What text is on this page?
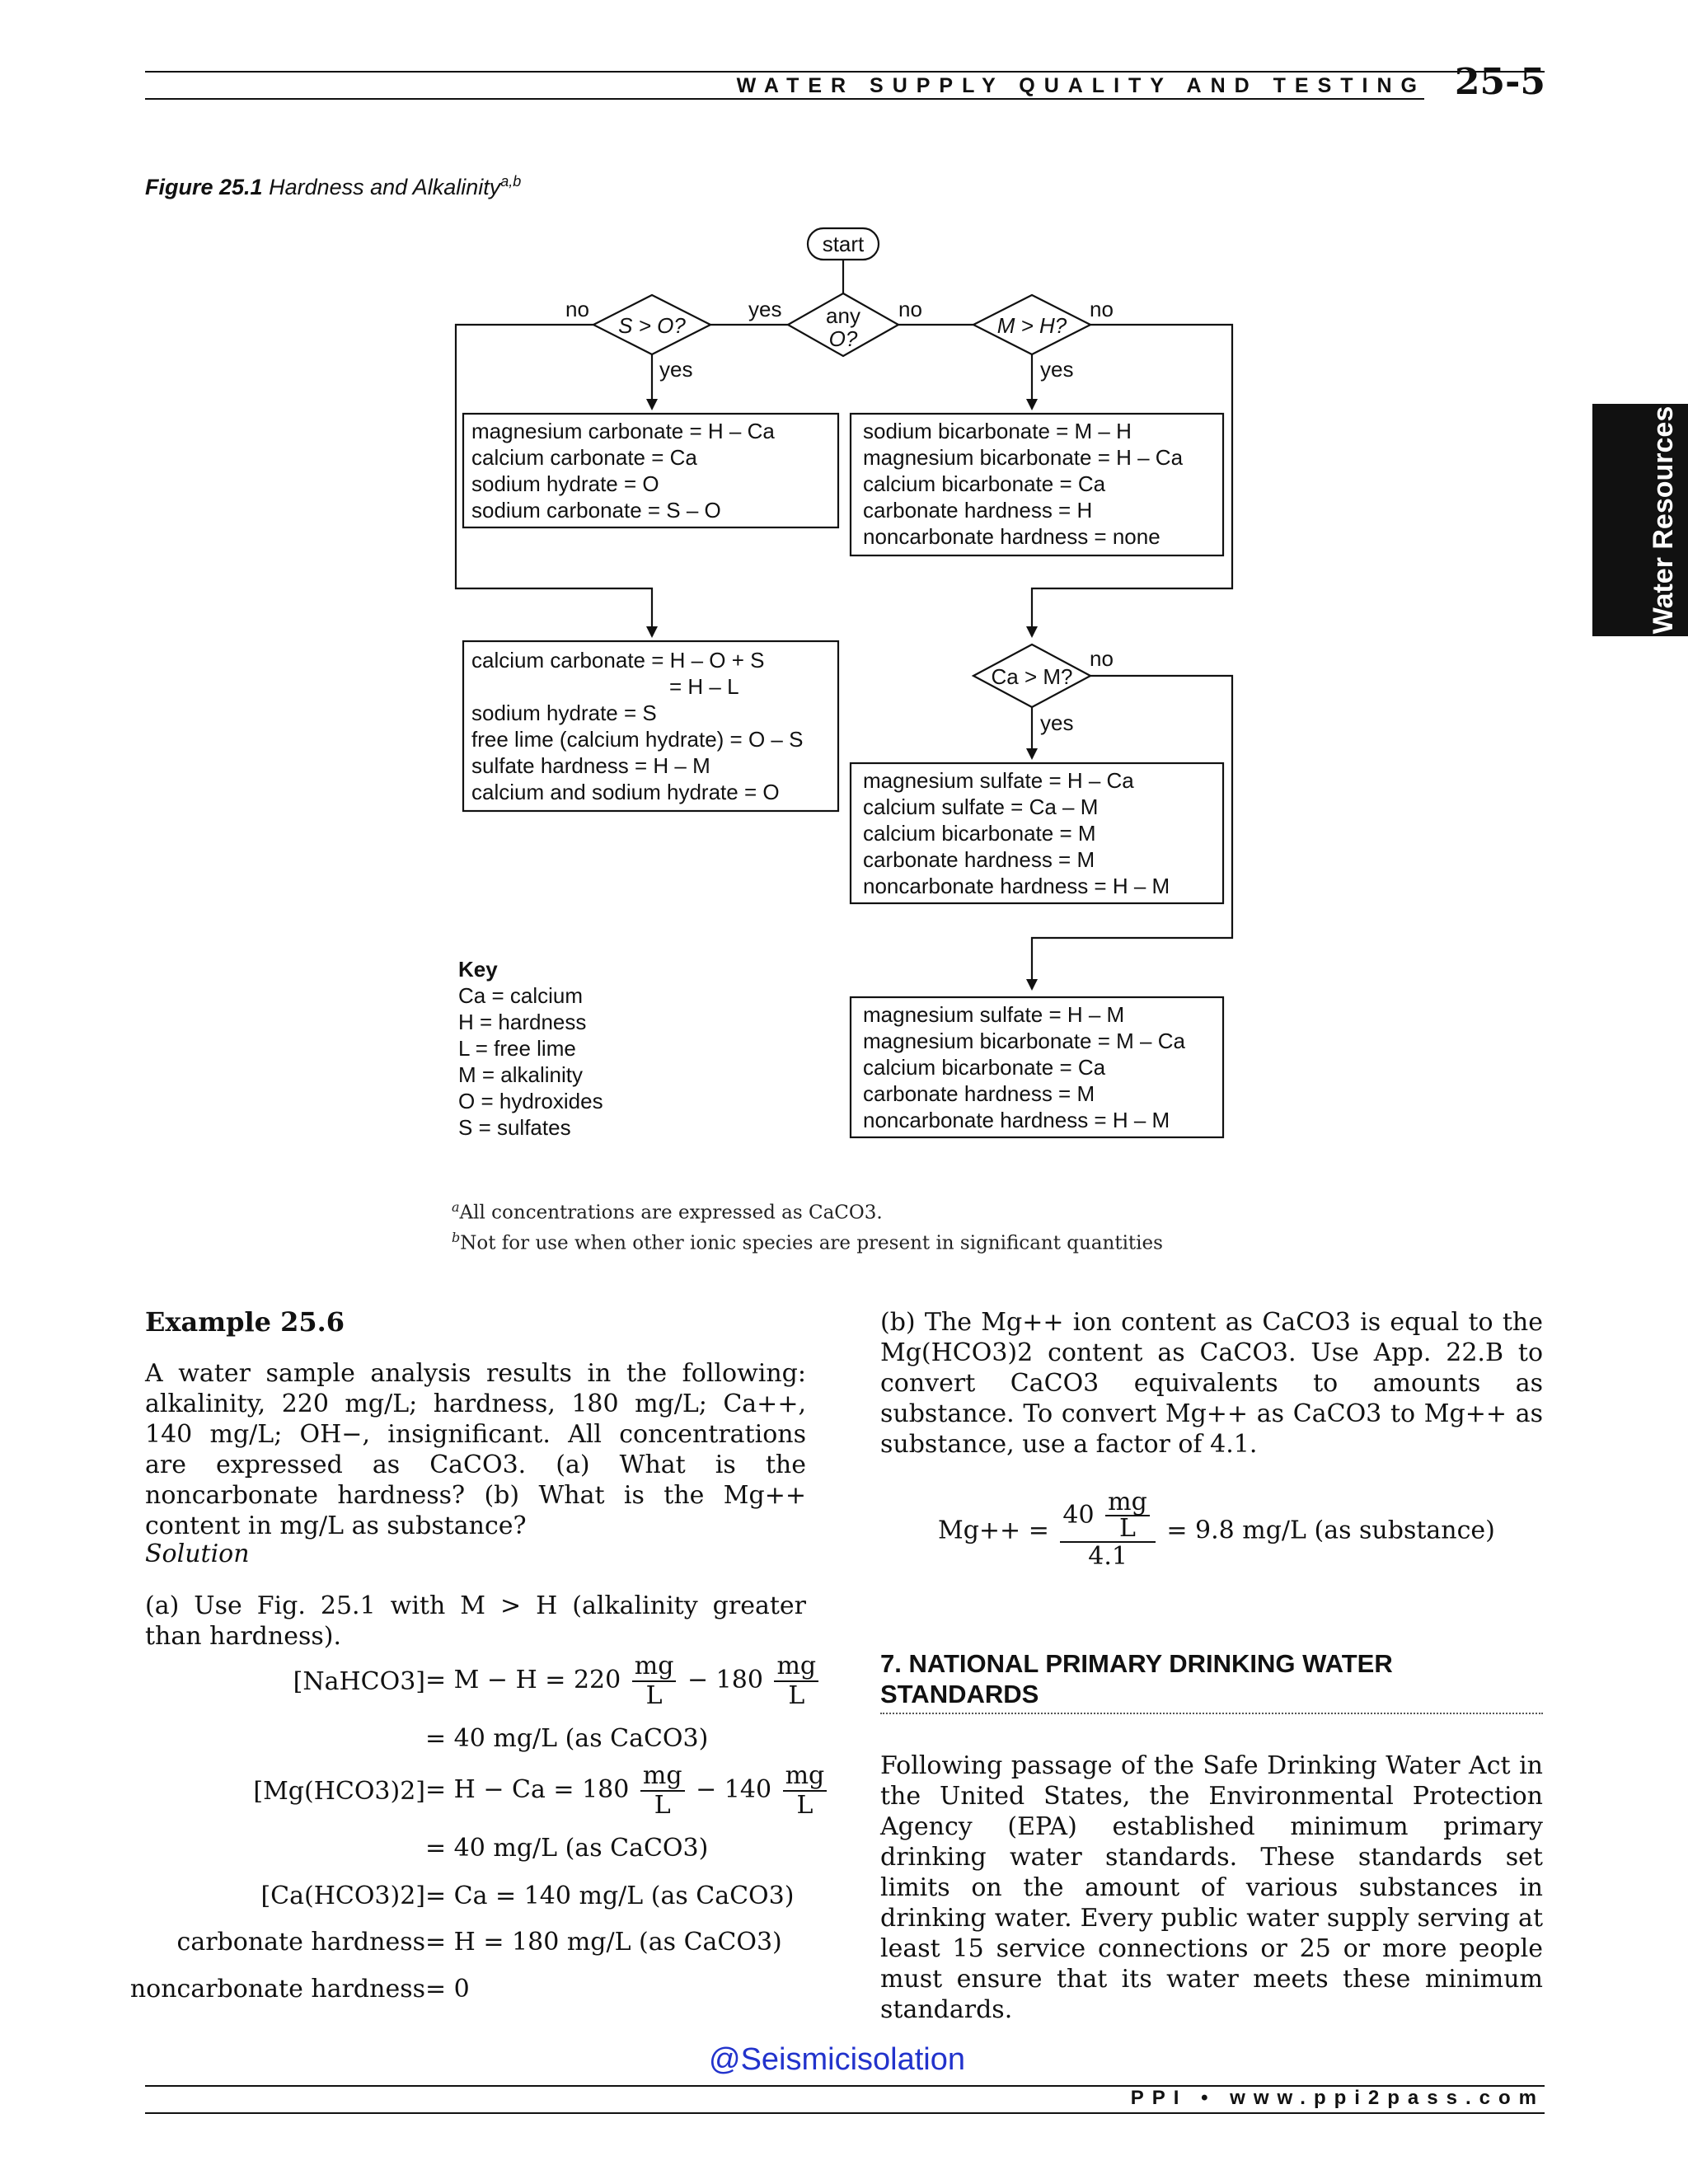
WATER SUPPLY QUALITY AND TESTING 25-5
Water Resources
Figure 25.1 Hardness and Alkalinity$^{a,b}$
start
any
O?
S > O?
yes
M > H?
no
no
yes	yes
no
magnesium carbonate = H – Ca
calcium carbonate = Ca
sodium hydrate = O
sodium carbonate = S – O
sodium bicarbonate = M – H
magnesium bicarbonate = H – Ca
calcium bicarbonate = Ca
carbonate hardness = H
noncarbonate hardness = none
calcium carbonate = H – O + S
= H – L
sodium hydrate = S
free lime (calcium hydrate) = O – S
sulfate hardness = H – M
calcium and sodium hydrate = O
Ca > M?
yes
no
magnesium sulfate = H – Ca
calcium sulfate = Ca – M
calcium bicarbonate = M
carbonate hardness = M
noncarbonate hardness = H – M
magnesium sulfate = H – M
magnesium bicarbonate = M – Ca
calcium bicarbonate = Ca
carbonate hardness = M
noncarbonate hardness = H – M
Key
Ca = calcium
H = hardness
L = free lime
M = alkalinity
O = hydroxides
S = sulfates
$^a$All concentrations are expressed as CaCO3.
$^b$Not for use when other ionic species are present in significant quantities
Example 25.6
A water sample analysis results in the following: alkalinity, 220 mg/L; hardness, 180 mg/L; Ca++, 140 mg/L; OH−, insignificant. All concentrations are expressed as CaCO3. (a) What is the noncarbonate hardness? (b) What is the Mg++ content in mg/L as substance?
Solution
(a) Use Fig. 25.1 with M > H (alkalinity greater than hardness).
[NaHCO3] = $M - H = 220 \frac{mg}{L} - 180 \frac{mg}{L}$
= 40 mg/L (as CaCO3)
$[Mg(HCO3)2] = H - Ca = 180 \frac{mg}{L} - 140 \frac{mg}{L}$
= 40 mg/L (as CaCO3)
[Ca(HCO3)2] = Ca = 140 mg/L (as CaCO3)
carbonate hardness = H = 180 mg/L (as CaCO3)
noncarbonate hardness = 0
(b) The Mg++ ion content as CaCO3 is equal to the Mg(HCO3)2 content as CaCO3. Use App. 22.B to convert CaCO3 equivalents to amounts as substance. To convert Mg++ as CaCO3 to Mg++ as substance, use a factor of 4.1.
$Mg++ = \frac{40 \frac{mg}{L}}{4.1} = 9.8$ mg/L (as substance)
7. NATIONAL PRIMARY DRINKING WATER STANDARDS
Following passage of the Safe Drinking Water Act in the United States, the Environmental Protection Agency (EPA) established minimum primary drinking water standards. These standards set limits on the amount of various substances in drinking water. Every public water supply serving at least 15 service connections or 25 or more people must ensure that its water meets these minimum standards.
@Seismicisolation
PPI • www.ppi2pass.com
